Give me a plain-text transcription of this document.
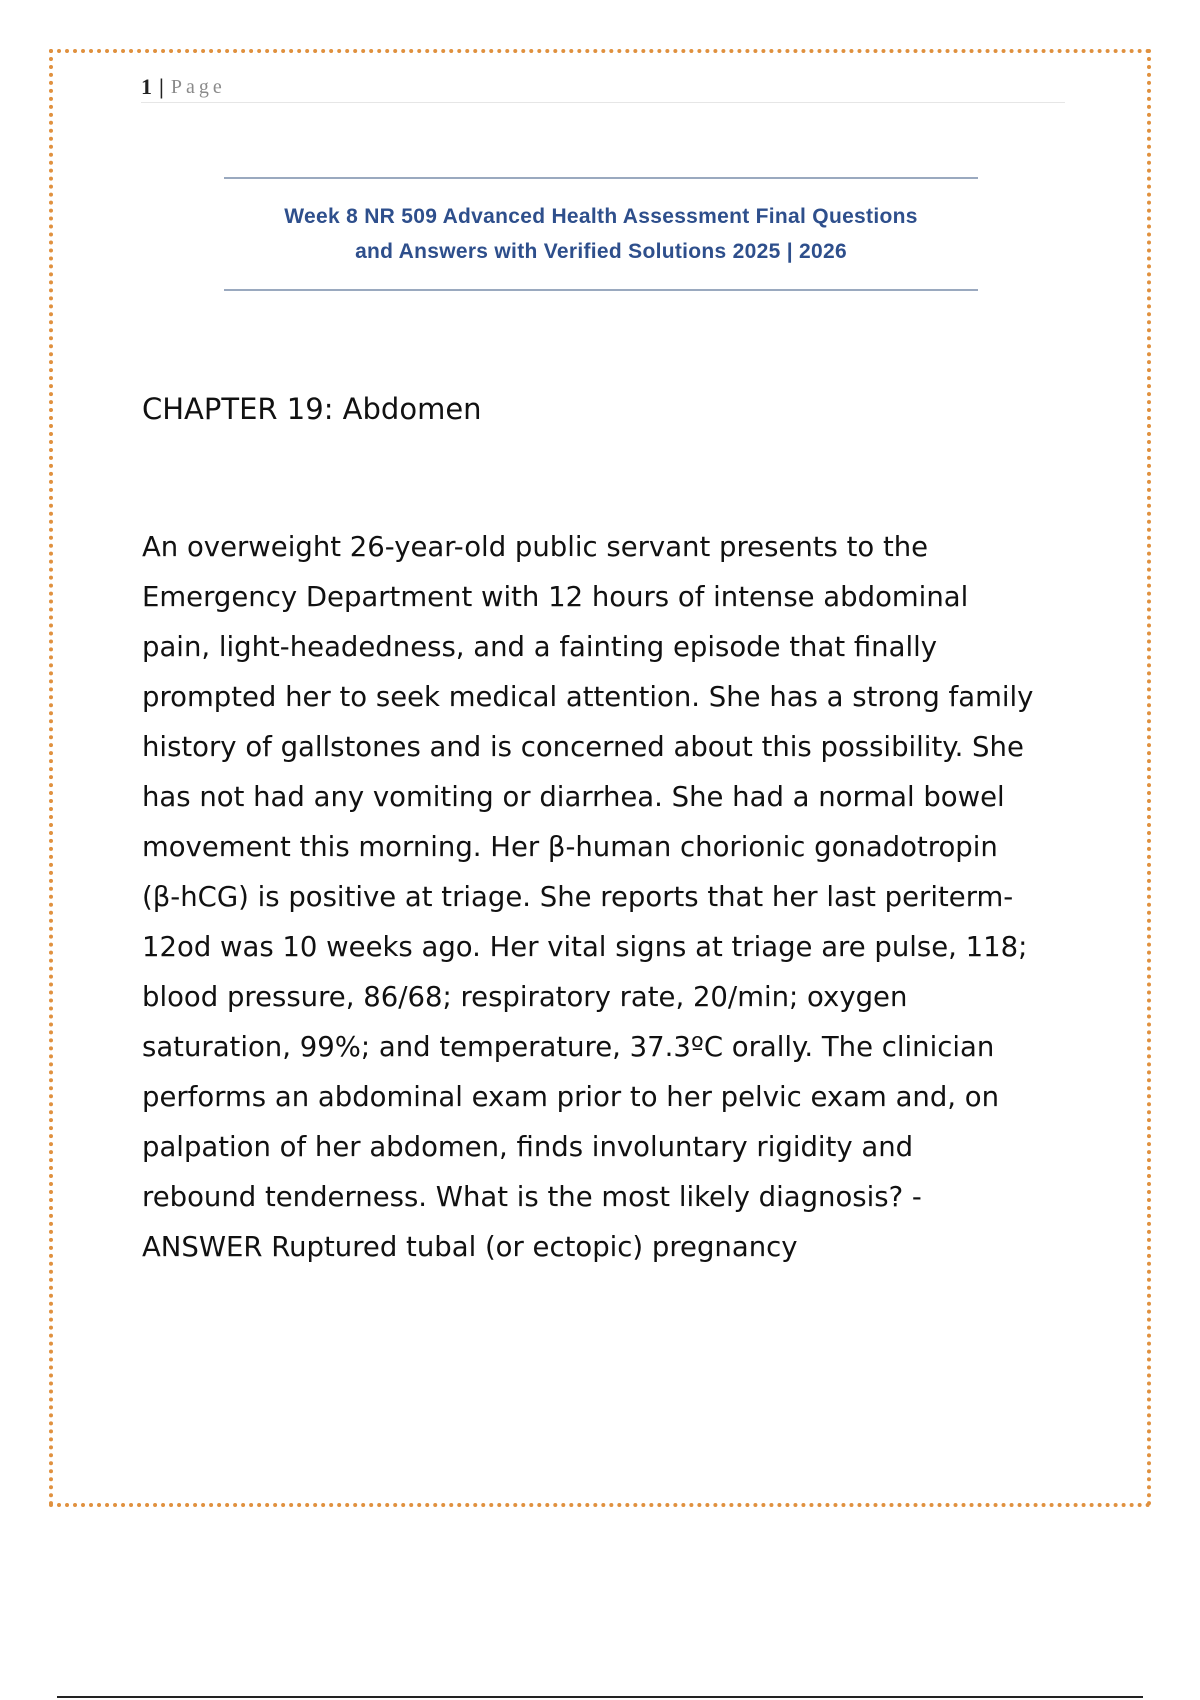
1 | Page
Week 8 NR 509 Advanced Health Assessment Final Questions
and Answers with Verified Solutions 2025 | 2026
CHAPTER 19: Abdomen

An overweight 26-year-old public servant presents to the
Emergency Department with 12 hours of intense abdominal
pain, light-headedness, and a fainting episode that finally
prompted her to seek medical attention. She has a strong family
history of gallstones and is concerned about this possibility. She
has not had any vomiting or diarrhea. She had a normal bowel
movement this morning. Her β-human chorionic gonadotropin
(β-hCG) is positive at triage. She reports that her last periterm-
12od was 10 weeks ago. Her vital signs at triage are pulse, 118;
blood pressure, 86/68; respiratory rate, 20/min; oxygen
saturation, 99%; and temperature, 37.3ºC orally. The clinician
performs an abdominal exam prior to her pelvic exam and, on
palpation of her abdomen, finds involuntary rigidity and
rebound tenderness. What is the most likely diagnosis? -
ANSWER Ruptured tubal (or ectopic) pregnancy
